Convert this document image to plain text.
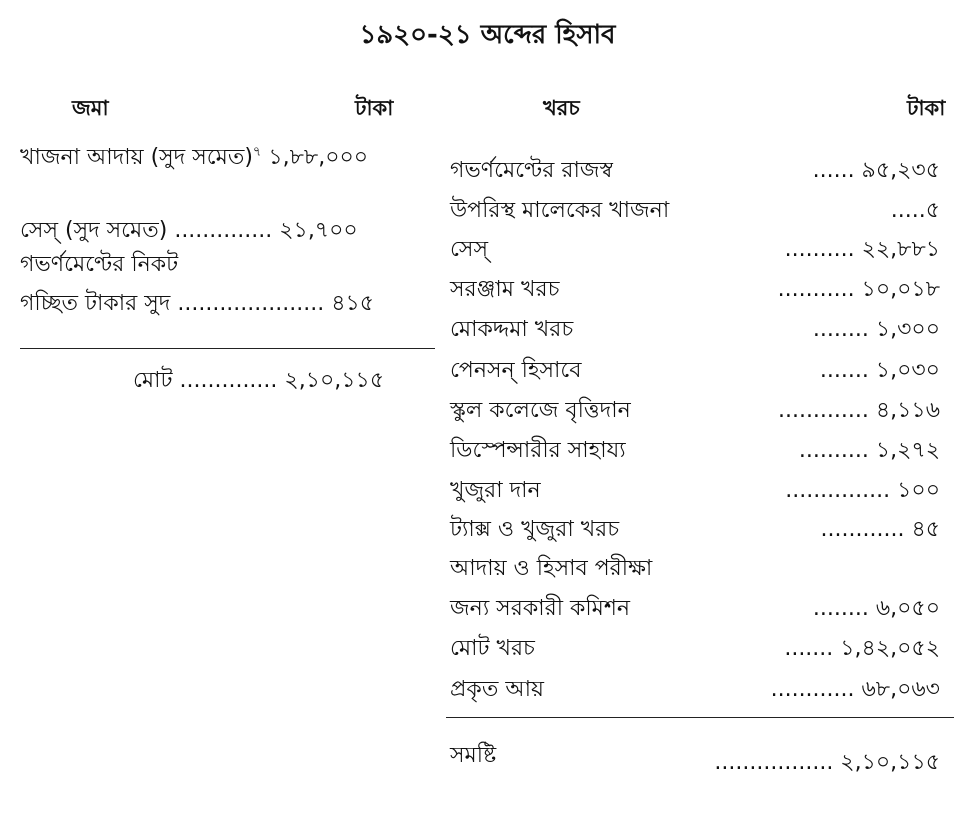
১৯২০-২১ অব্দের হিসাব
জমা	টাকা
খাজনা আদায় (সুদ সমেত)$^৭$ ১,৮৮,০০০
সেস্‌ (সুদ সমেত) .............. ২১,৭০০
গভর্ণমেণ্টের নিকট
গচ্ছিত টাকার সুদ ..................... ৪১৫
মোট .............. ২,১০,১১৫
খরচ	টাকা
গভর্ণমেণ্টের রাজস্ব	...... ৯৫,২৩৫
উপরিস্থ মালেকের খাজনা	.....৫
সেস্‌	.......... ২২,৮৮১
সরঞ্জাম খরচ	........... ১০,০১৮
মোকদ্দমা খরচ	........ ১,৩০০
পেনসন্‌ হিসাবে	....... ১,০৩০
স্কুল কলেজে বৃত্তিদান	............. ৪,১১৬
ডিস্পেন্সারীর সাহায্য	.......... ১,২৭২
খুজুরা দান	............... ১০০
ট্যাক্স ও খুজুরা খরচ	............ ৪৫
আদায় ও হিসাব পরীক্ষা
জন্য সরকারী কমিশন	........ ৬,০৫০
মোট খরচ	....... ১,৪২,০৫২
প্রকৃত আয়	............ ৬৮,০৬৩
সমষ্টি	................. ২,১০,১১৫
